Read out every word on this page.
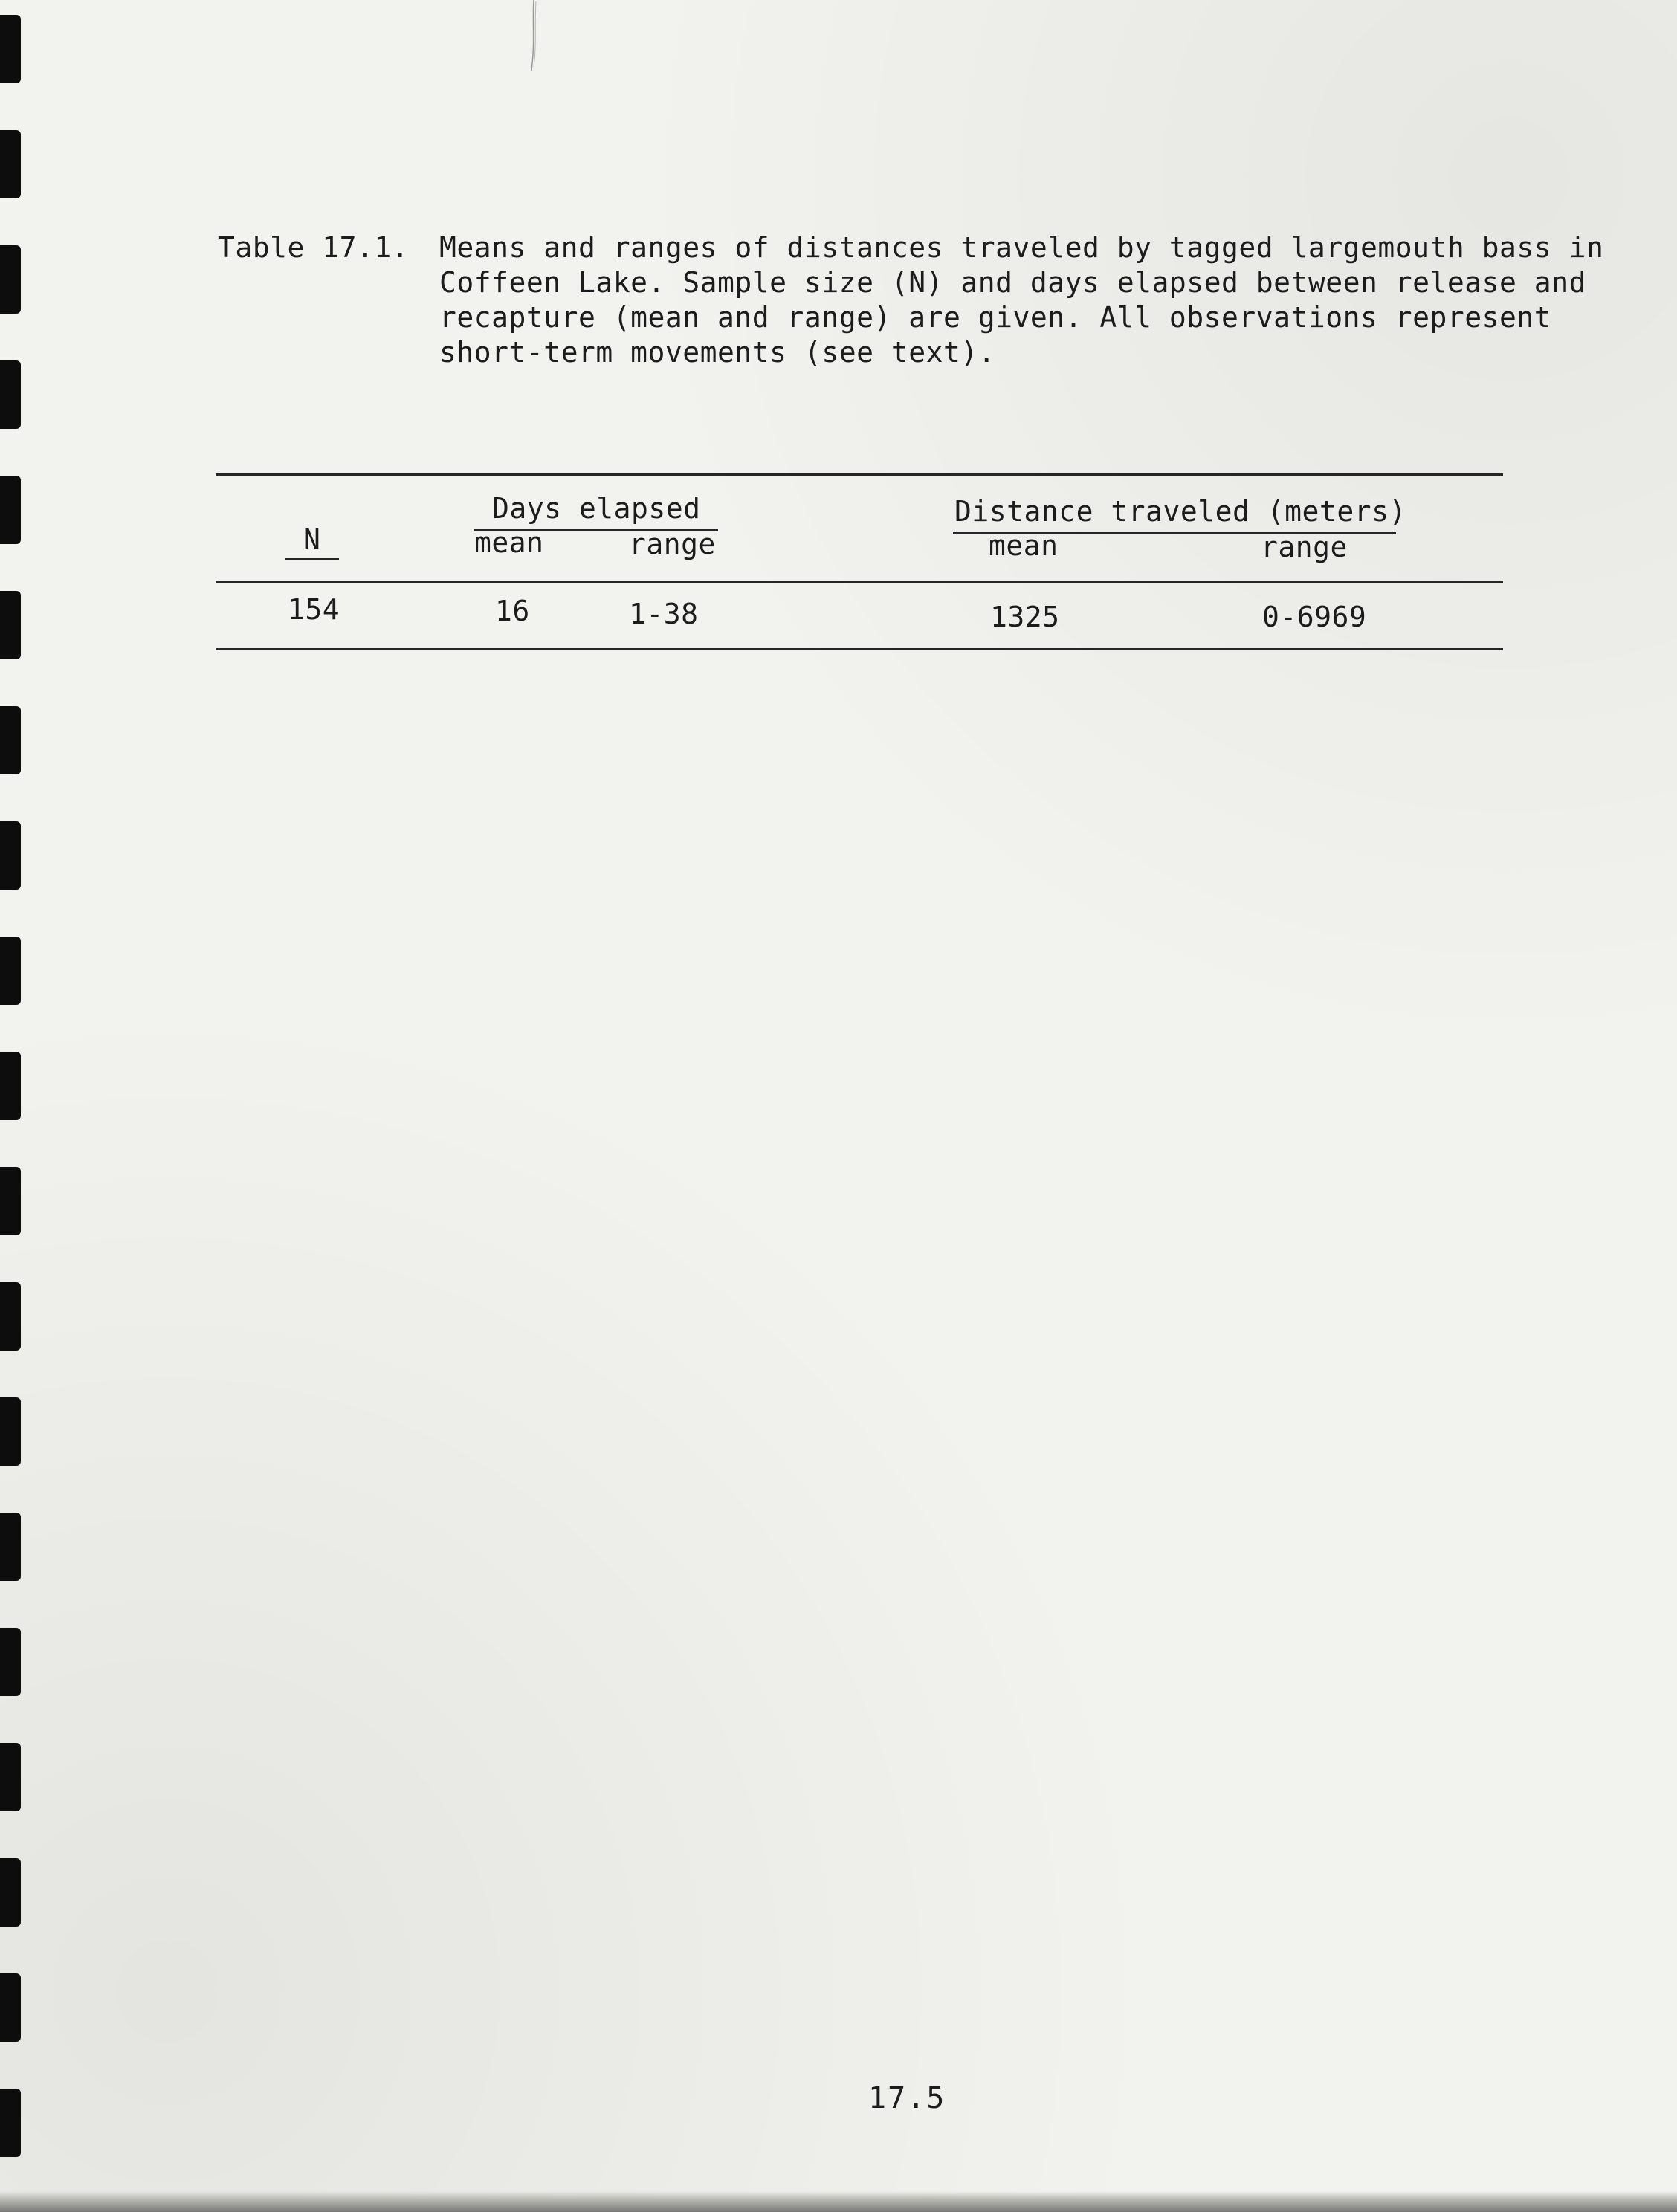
Table 17.1. Means and ranges of distances traveled by tagged largemouth bass in
Coffeen Lake. Sample size (N) and days elapsed between release and
recapture (mean and range) are given. All observations represent
short-term movements (see text).
Days elapsed	Distance traveled (meters)
N	mean	range	mean	range
154	16	1-38	1325	0-6969
17.5
